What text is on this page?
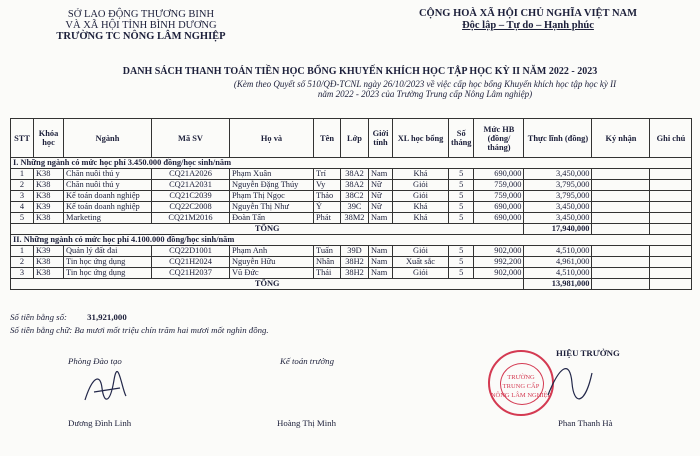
SỞ LAO ĐỘNG THƯƠNG BINH
VÀ XÃ HỘI TỈNH BÌNH DƯƠNG
TRƯỜNG TC NÔNG LÂM NGHIỆP
CỘNG HOÀ XÃ HỘI CHỦ NGHĨA VIỆT NAM
Độc lập – Tự do – Hạnh phúc
DANH SÁCH THANH TOÁN TIỀN HỌC BỔNG KHUYẾN KHÍCH HỌC TẬP HỌC KỲ II NĂM 2022 - 2023
(Kèm theo Quyết số 510/QĐ-TCNL ngày 26/10/2023 về việc cấp học bổng Khuyến khích học tập học kỳ II
năm 2022 - 2023 của Trường Trung cấp Nông Lâm nghiệp)
STT	Khóa học	Ngành	Mã SV	Họ và	Tên	Lớp	Giới tính	XL học bổng	Số tháng	Mức HB (đồng/ tháng)	Thực lĩnh (đồng)	Ký nhận	Ghi chú
I. Những ngành có mức học phí 3.450.000 đồng/học sinh/năm													
1	K38	Chăn nuôi thú y	CQ21A2026	Phạm Xuân	Trí	38A2	Nam	Khá	5	690,000	3,450,000		
2	K38	Chăn nuôi thú y	CQ21A2031	Nguyễn Đặng Thúy	Vy	38A2	Nữ	Giỏi	5	759,000	3,795,000		
3	K38	Kế toán doanh nghiệp	CQ21C2039	Phạm Thị Ngọc	Thảo	38C2	Nữ	Giỏi	5	759,000	3,795,000		
4	K39	Kế toán doanh nghiệp	CQ22C2008	Nguyễn Thị Như	Ý	39C	Nữ	Khá	5	690,000	3,450,000		
5	K38	Marketing	CQ21M2016	Đoàn Tấn	Phát	38M2	Nam	Khá	5	690,000	3,450,000		
TỔNG											17,940,000		
II. Những ngành có mức học phí 4.100.000 đồng/học sinh/năm													
1	K39	Quản lý đất đai	CQ22D1001	Phạm Anh	Tuấn	39D	Nam	Giỏi	5	902,000	4,510,000		
2	K38	Tin học ứng dụng	CQ21H2024	Nguyễn Hữu	Nhân	38H2	Nam	Xuất sắc	5	992,200	4,961,000		
3	K38	Tin học ứng dụng	CQ21H2037	Vũ Đức	Thái	38H2	Nam	Giỏi	5	902,000	4,510,000		
TỔNG											13,981,000		
Số tiền bằng số: 31,921,000
Số tiền bằng chữ: Ba mươi mốt triệu chín trăm hai mươi mốt nghìn đồng.
Phòng Đào tạo
Dương Đình Linh
Kế toán trưởng
Hoàng Thị Minh
HIỆU TRƯỞNG
Phan Thanh Hà
TRƯỜNG
TRUNG CẤP
NÔNG LÂM NGHIỆP
